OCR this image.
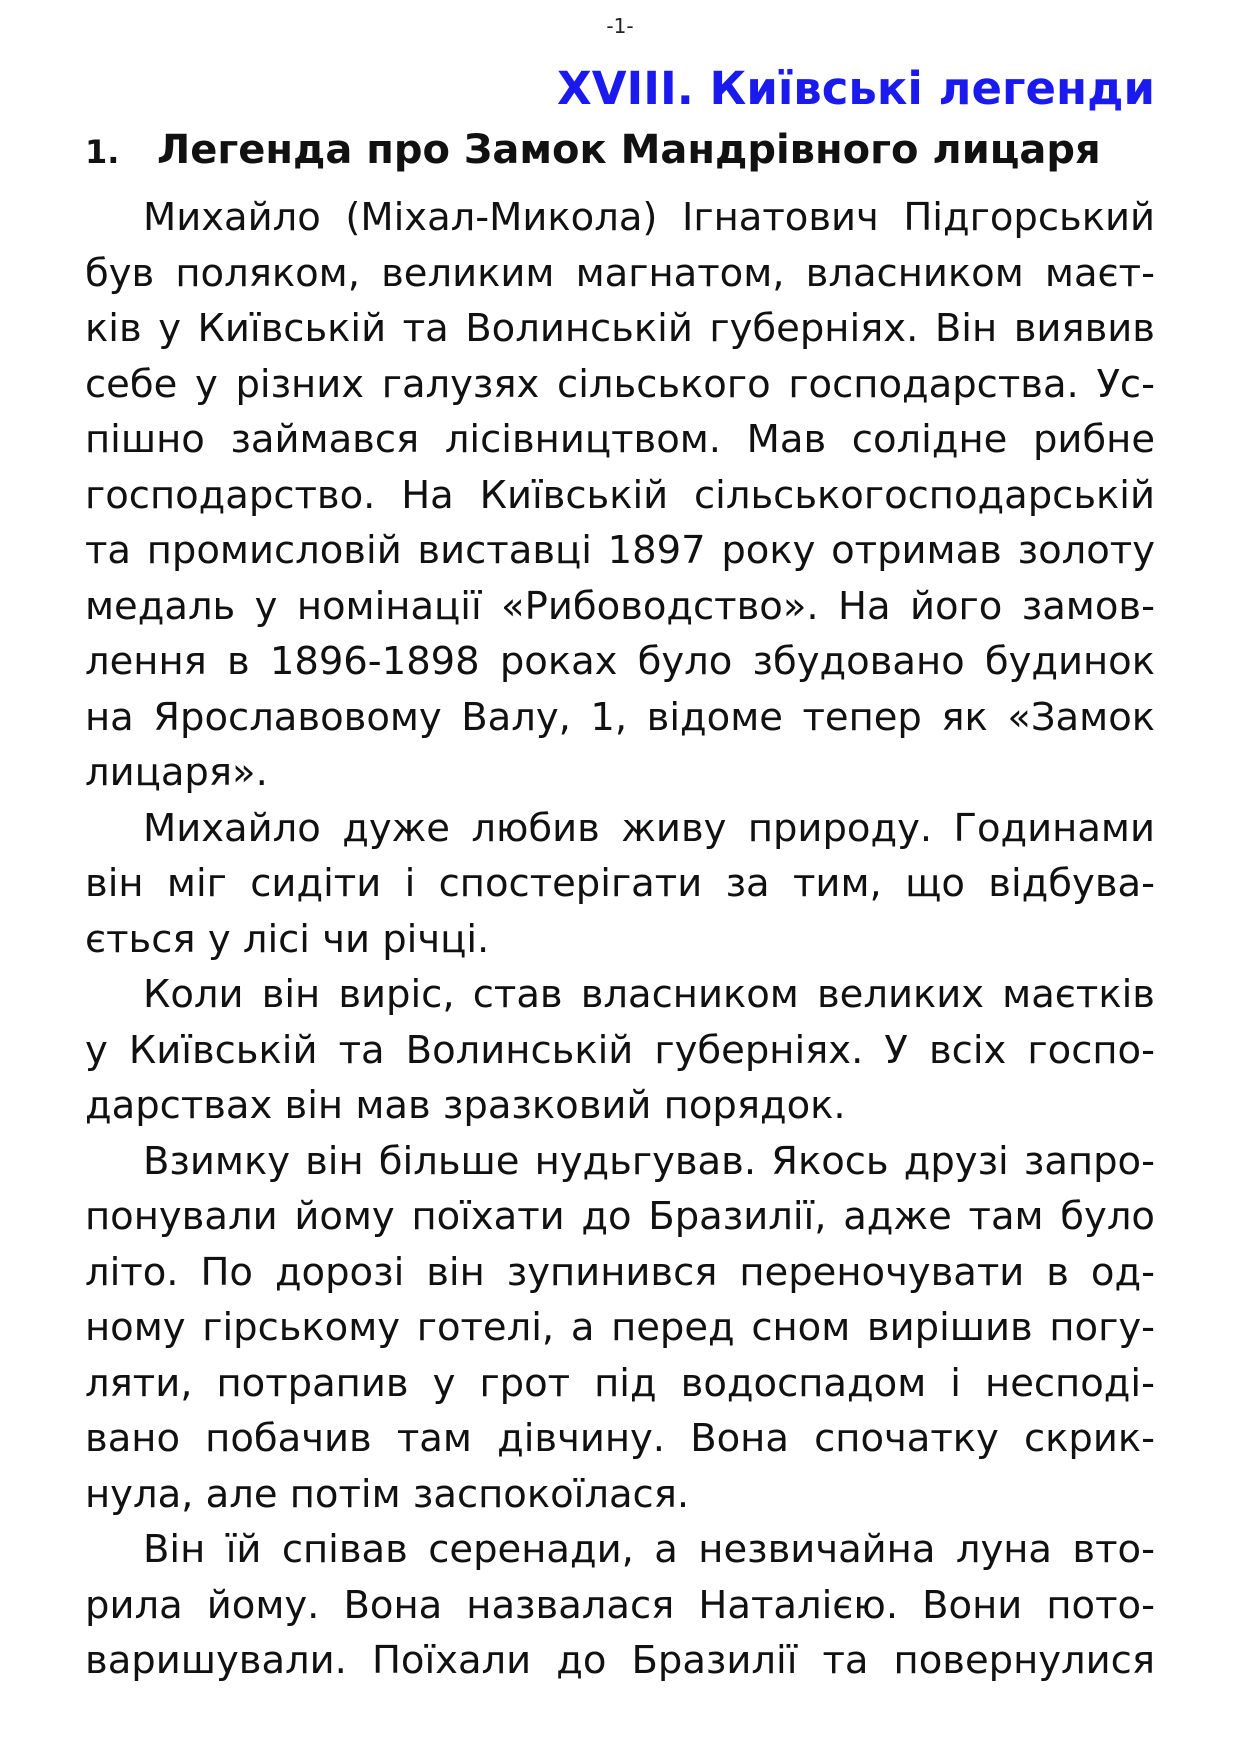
-1-
XVIII. Київські легенди
1. Легенда про Замок Мандрівного лицаря

Михайло (Міхал-Микола) Ігнатович Підгорський
був поляком, великим магнатом, власником маєт-
ків у Київській та Волинській губерніях. Він виявив
себе у різних галузях сільського господарства. Ус-
пішно займався лісівництвом. Мав солідне рибне
господарство. На Київській сільськогосподарській
та промисловій виставці 1897 року отримав золоту
медаль у номінації «Рибоводство». На його замов-
лення в 1896-1898 роках було збудовано будинок
на Ярославовому Валу, 1, відоме тепер як «Замок
лицаря».

Михайло дуже любив живу природу. Годинами
він міг сидіти і спостерігати за тим, що відбува-
ється у лісі чи річці.

Коли він виріс, став власником великих маєтків
у Київській та Волинській губерніях. У всіх госпо-
дарствах він мав зразковий порядок.

Взимку він більше нудьгував. Якось друзі запро-
понували йому поїхати до Бразилії, адже там було
літо. По дорозі він зупинився переночувати в од-
ному гірському готелі, а перед сном вирішив погу-
ляти, потрапив у грот під водоспадом і несподі-
вано побачив там дівчину. Вона спочатку скрик-
нула, але потім заспокоїлася.

Він їй співав серенади, а незвичайна луна вто-
рила йому. Вона назвалася Наталією. Вони пото-
варишували. Поїхали до Бразилії та повернулися
